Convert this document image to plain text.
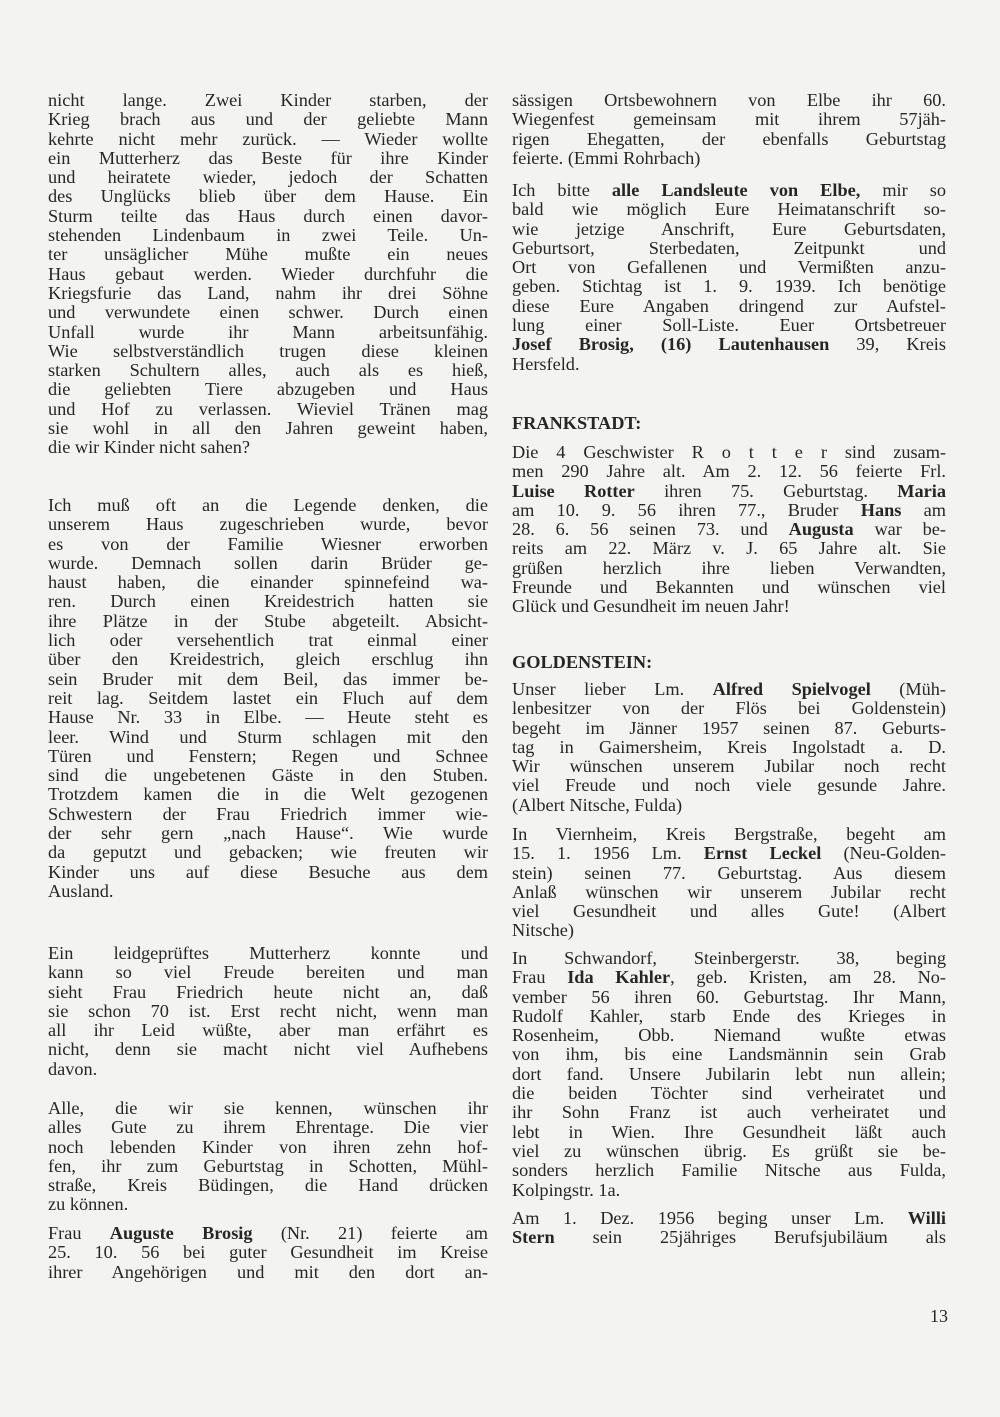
nicht lange. Zwei Kinder starben, der
Krieg brach aus und der geliebte Mann
kehrte nicht mehr zurück. — Wieder wollte
ein Mutterherz das Beste für ihre Kinder
und heiratete wieder, jedoch der Schatten
des Unglücks blieb über dem Hause. Ein
Sturm teilte das Haus durch einen davor-
stehenden Lindenbaum in zwei Teile. Un-
ter unsäglicher Mühe mußte ein neues
Haus gebaut werden. Wieder durchfuhr die
Kriegsfurie das Land, nahm ihr drei Söhne
und verwundete einen schwer. Durch einen
Unfall wurde ihr Mann arbeitsunfähig.
Wie selbstverständlich trugen diese kleinen
starken Schultern alles, auch als es hieß,
die geliebten Tiere abzugeben und Haus
und Hof zu verlassen. Wieviel Tränen mag
sie wohl in all den Jahren geweint haben,
die wir Kinder nicht sahen?
Ich muß oft an die Legende denken, die
unserem Haus zugeschrieben wurde, bevor
es von der Familie Wiesner erworben
wurde. Demnach sollen darin Brüder ge-
haust haben, die einander spinnefeind wa-
ren. Durch einen Kreidestrich hatten sie
ihre Plätze in der Stube abgeteilt. Absicht-
lich oder versehentlich trat einmal einer
über den Kreidestrich, gleich erschlug ihn
sein Bruder mit dem Beil, das immer be-
reit lag. Seitdem lastet ein Fluch auf dem
Hause Nr. 33 in Elbe. — Heute steht es
leer. Wind und Sturm schlagen mit den
Türen und Fenstern; Regen und Schnee
sind die ungebetenen Gäste in den Stuben.
Trotzdem kamen die in die Welt gezogenen
Schwestern der Frau Friedrich immer wie-
der sehr gern „nach Hause“. Wie wurde
da geputzt und gebacken; wie freuten wir
Kinder uns auf diese Besuche aus dem
Ausland.
Ein leidgeprüftes Mutterherz konnte und
kann so viel Freude bereiten und man
sieht Frau Friedrich heute nicht an, daß
sie schon 70 ist. Erst recht nicht, wenn man
all ihr Leid wüßte, aber man erfährt es
nicht, denn sie macht nicht viel Aufhebens
davon.
Alle, die wir sie kennen, wünschen ihr
alles Gute zu ihrem Ehrentage. Die vier
noch lebenden Kinder von ihren zehn hof-
fen, ihr zum Geburtstag in Schotten, Mühl-
straße, Kreis Büdingen, die Hand drücken
zu können.
Frau Auguste Brosig (Nr. 21) feierte am
25. 10. 56 bei guter Gesundheit im Kreise
ihrer Angehörigen und mit den dort an-
sässigen Ortsbewohnern von Elbe ihr 60.
Wiegenfest gemeinsam mit ihrem 57jäh-
rigen Ehegatten, der ebenfalls Geburtstag
feierte. (Emmi Rohrbach)
Ich bitte alle Landsleute von Elbe, mir so
bald wie möglich Eure Heimatanschrift so-
wie jetzige Anschrift, Eure Geburtsdaten,
Geburtsort, Sterbedaten, Zeitpunkt und
Ort von Gefallenen und Vermißten anzu-
geben. Stichtag ist 1. 9. 1939. Ich benötige
diese Eure Angaben dringend zur Aufstel-
lung einer Soll-Liste. Euer Ortsbetreuer
Josef Brosig, (16) Lautenhausen 39, Kreis
Hersfeld.
FRANKSTADT:
Die 4 Geschwister R o t t e r sind zusam-
men 290 Jahre alt. Am 2. 12. 56 feierte Frl.
Luise Rotter ihren 75. Geburtstag. Maria
am 10. 9. 56 ihren 77., Bruder Hans am
28. 6. 56 seinen 73. und Augusta war be-
reits am 22. März v. J. 65 Jahre alt. Sie
grüßen herzlich ihre lieben Verwandten,
Freunde und Bekannten und wünschen viel
Glück und Gesundheit im neuen Jahr!
GOLDENSTEIN:
Unser lieber Lm. Alfred Spielvogel (Müh-
lenbesitzer von der Flös bei Goldenstein)
begeht im Jänner 1957 seinen 87. Geburts-
tag in Gaimersheim, Kreis Ingolstadt a. D.
Wir wünschen unserem Jubilar noch recht
viel Freude und noch viele gesunde Jahre.
(Albert Nitsche, Fulda)
In Viernheim, Kreis Bergstraße, begeht am
15. 1. 1956 Lm. Ernst Leckel (Neu-Golden-
stein) seinen 77. Geburtstag. Aus diesem
Anlaß wünschen wir unserem Jubilar recht
viel Gesundheit und alles Gute! (Albert
Nitsche)
In Schwandorf, Steinbergerstr. 38, beging
Frau Ida Kahler, geb. Kristen, am 28. No-
vember 56 ihren 60. Geburtstag. Ihr Mann,
Rudolf Kahler, starb Ende des Krieges in
Rosenheim, Obb. Niemand wußte etwas
von ihm, bis eine Landsmännin sein Grab
dort fand. Unsere Jubilarin lebt nun allein;
die beiden Töchter sind verheiratet und
ihr Sohn Franz ist auch verheiratet und
lebt in Wien. Ihre Gesundheit läßt auch
viel zu wünschen übrig. Es grüßt sie be-
sonders herzlich Familie Nitsche aus Fulda,
Kolpingstr. 1a.
Am 1. Dez. 1956 beging unser Lm. Willi
Stern sein 25jähriges Berufsjubiläum als
13
